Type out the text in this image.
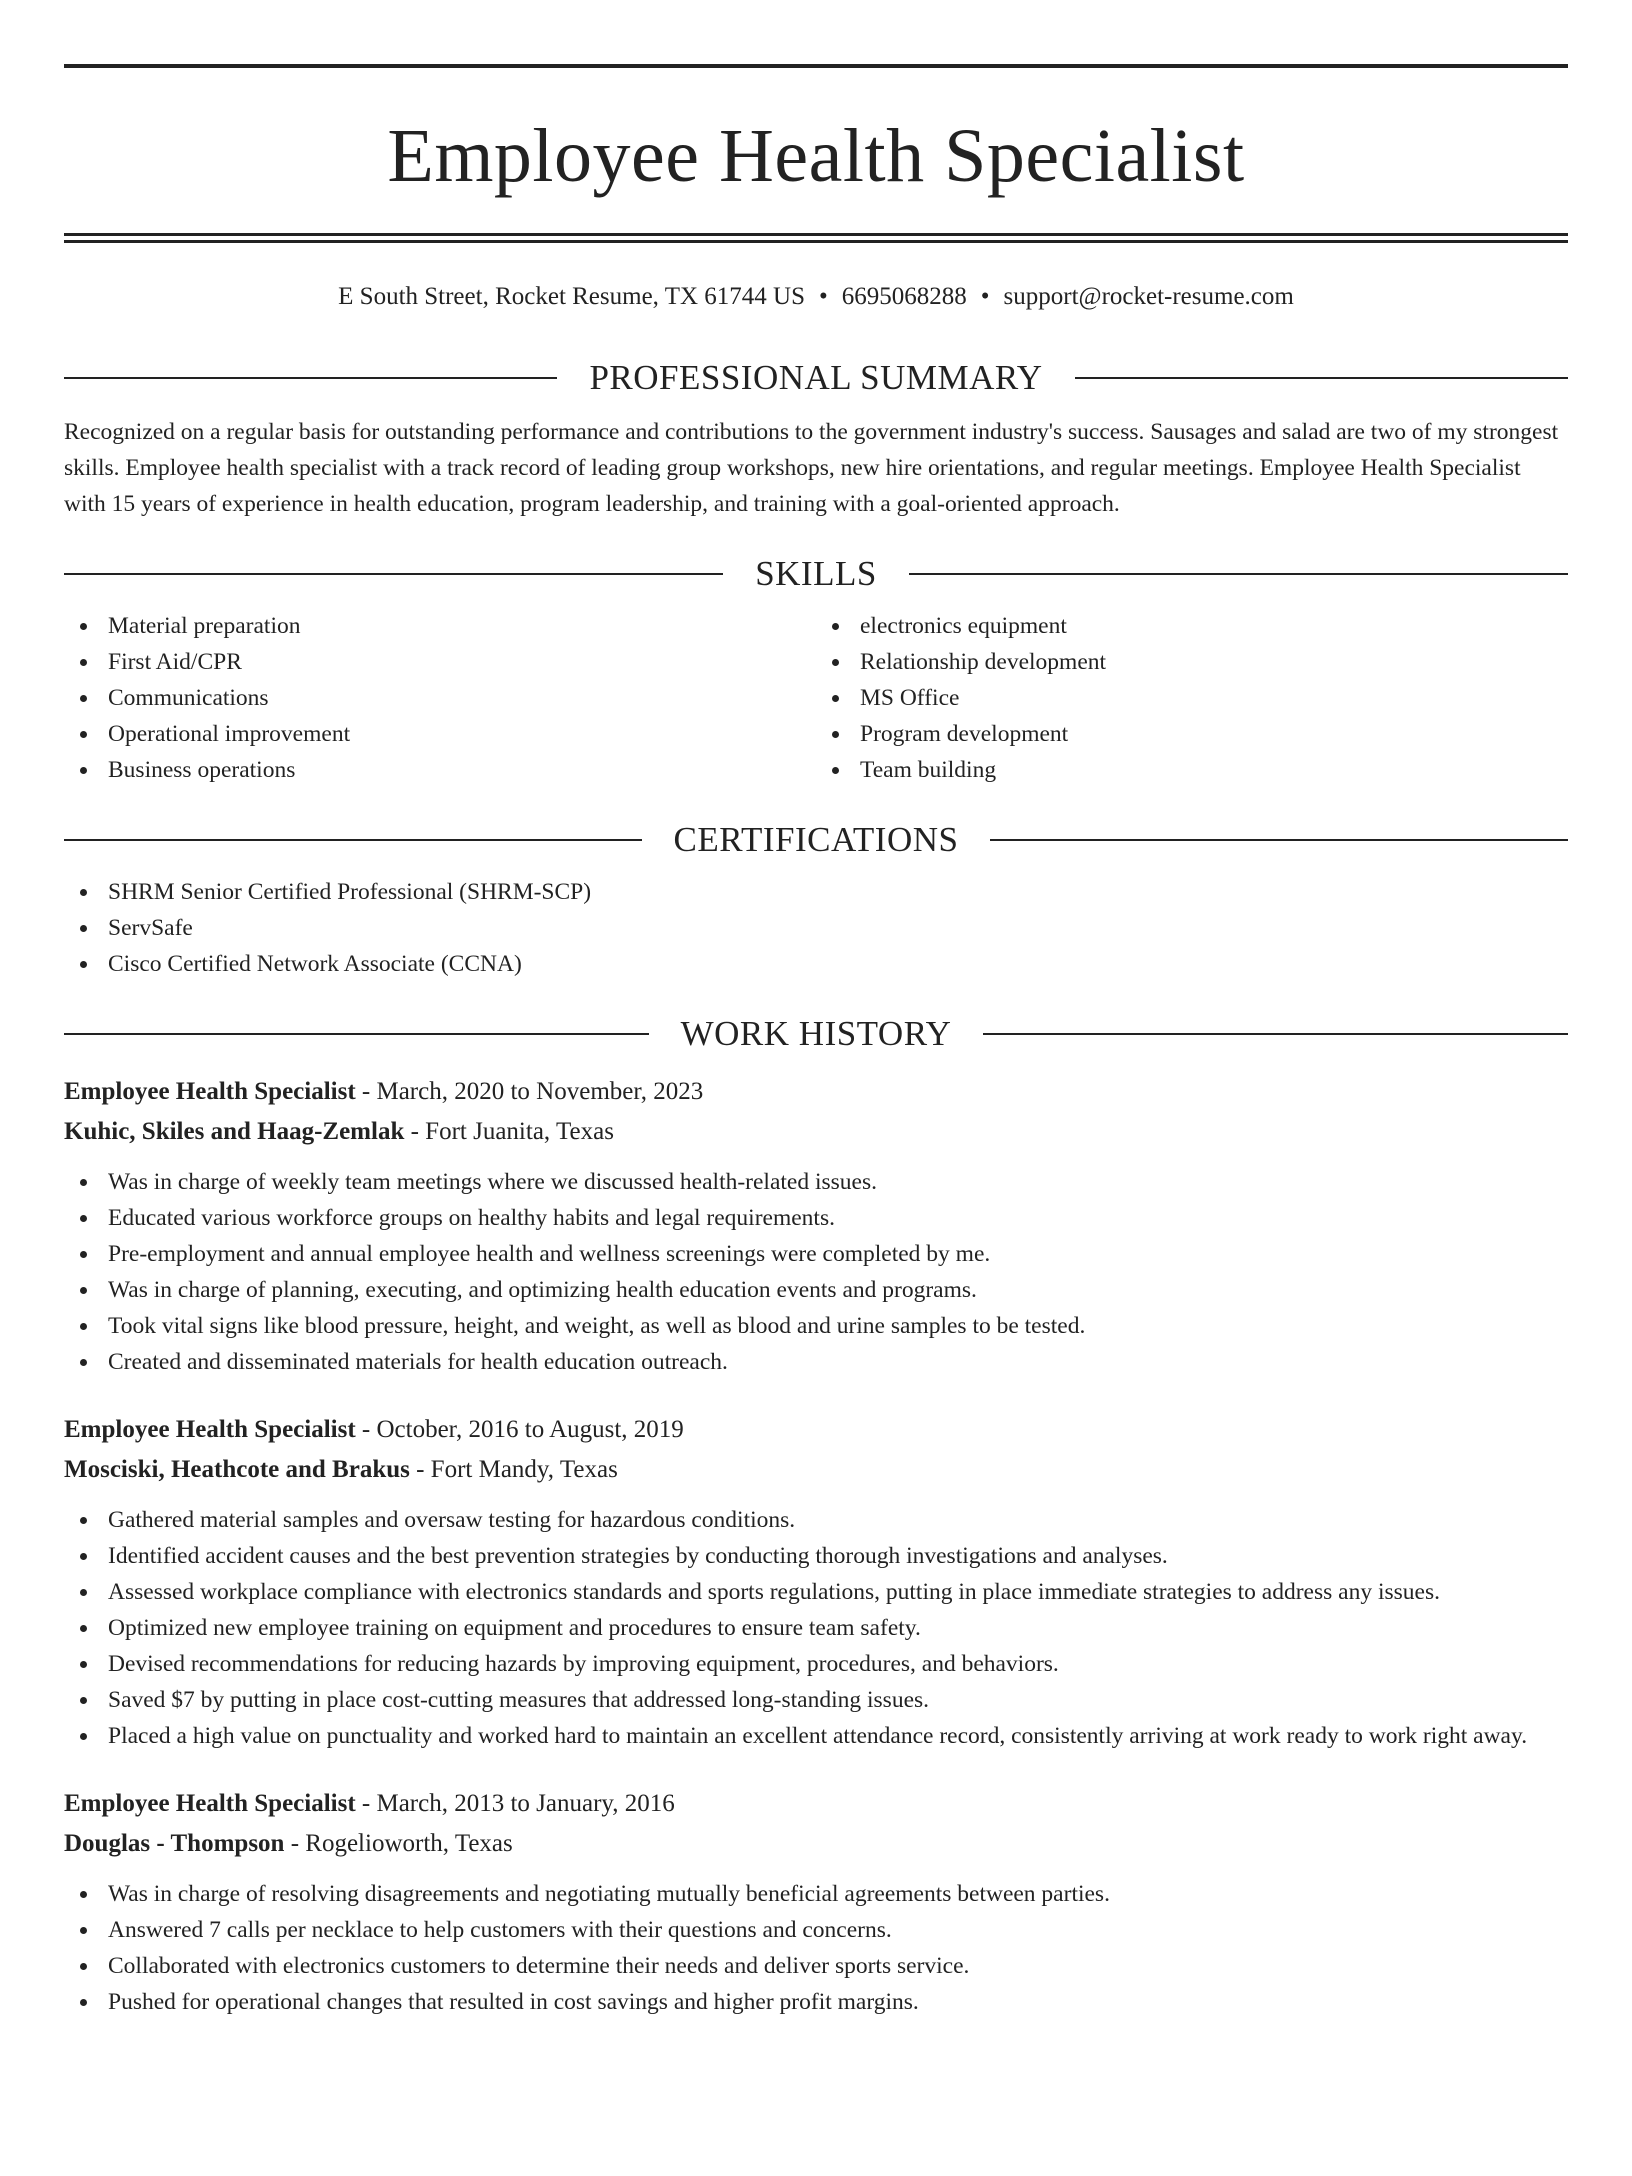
Employee Health Specialist
E South Street, Rocket Resume, TX 61744 US • 6695068288 • support@rocket-resume.com
PROFESSIONAL SUMMARY

Recognized on a regular basis for outstanding performance and contributions to the government industry's success. Sausages and salad are two of my strongest skills. Employee health specialist with a track record of leading group workshops, new hire orientations, and regular meetings. Employee Health Specialist with 15 years of experience in health education, program leadership, and training with a goal-oriented approach.

SKILLS
Material preparation
First Aid/CPR
Communications
Operational improvement
Business operations
electronics equipment
Relationship development
MS Office
Program development
Team building
CERTIFICATIONS
SHRM Senior Certified Professional (SHRM-SCP)
ServSafe
Cisco Certified Network Associate (CCNA)
WORK HISTORY
Employee Health Specialist - March, 2020 to November, 2023
Kuhic, Skiles and Haag-Zemlak - Fort Juanita, Texas
Was in charge of weekly team meetings where we discussed health-related issues.
Educated various workforce groups on healthy habits and legal requirements.
Pre-employment and annual employee health and wellness screenings were completed by me.
Was in charge of planning, executing, and optimizing health education events and programs.
Took vital signs like blood pressure, height, and weight, as well as blood and urine samples to be tested.
Created and disseminated materials for health education outreach.
Employee Health Specialist - October, 2016 to August, 2019
Mosciski, Heathcote and Brakus - Fort Mandy, Texas
Gathered material samples and oversaw testing for hazardous conditions.
Identified accident causes and the best prevention strategies by conducting thorough investigations and analyses.
Assessed workplace compliance with electronics standards and sports regulations, putting in place immediate strategies to address any issues.
Optimized new employee training on equipment and procedures to ensure team safety.
Devised recommendations for reducing hazards by improving equipment, procedures, and behaviors.
Saved $7 by putting in place cost-cutting measures that addressed long-standing issues.
Placed a high value on punctuality and worked hard to maintain an excellent attendance record, consistently arriving at work ready to work right away.
Employee Health Specialist - March, 2013 to January, 2016
Douglas - Thompson - Rogelioworth, Texas
Was in charge of resolving disagreements and negotiating mutually beneficial agreements between parties.
Answered 7 calls per necklace to help customers with their questions and concerns.
Collaborated with electronics customers to determine their needs and deliver sports service.
Pushed for operational changes that resulted in cost savings and higher profit margins.
